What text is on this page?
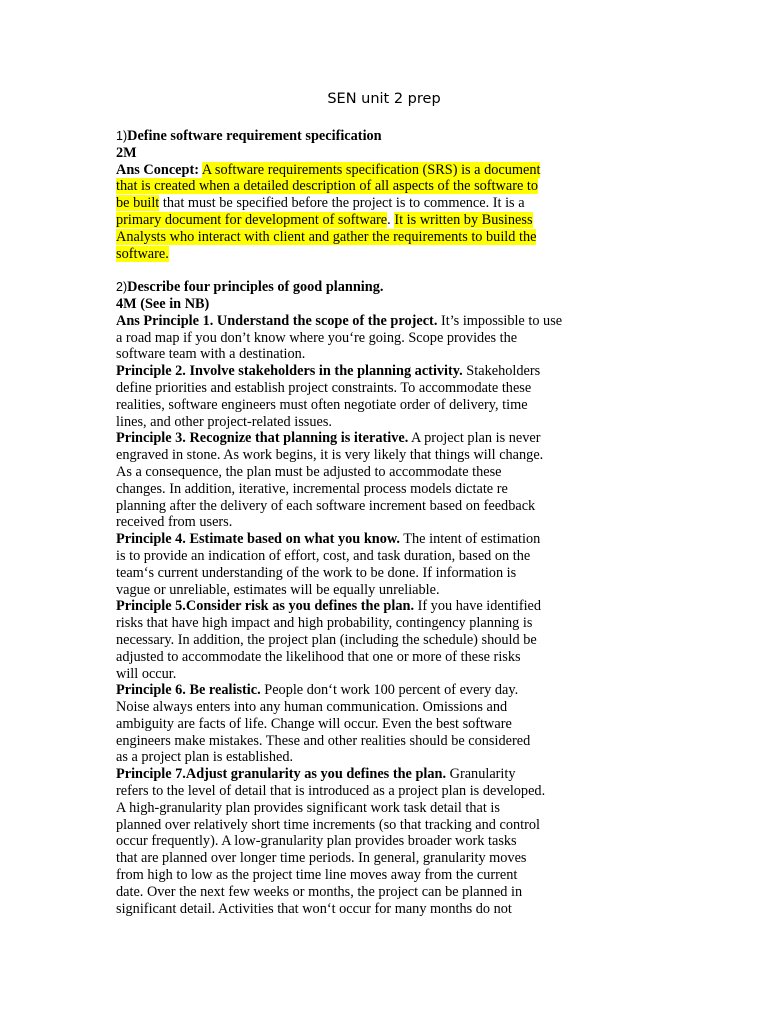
SEN unit 2 prep
1)Define software requirement specification
2M
Ans Concept: A software requirements specification (SRS) is a document
that is created when a detailed description of all aspects of the software to
be built that must be specified before the project is to commence. It is a
primary document for development of software. It is written by Business
Analysts who interact with client and gather the requirements to build the
software.
2)Describe four principles of good planning.
4M (See in NB)
Ans Principle 1. Understand the scope of the project. It’s impossible to use
a road map if you don’t know where you‘re going. Scope provides the
software team with a destination.
Principle 2. Involve stakeholders in the planning activity. Stakeholders
define priorities and establish project constraints. To accommodate these
realities, software engineers must often negotiate order of delivery, time
lines, and other project-related issues.
Principle 3. Recognize that planning is iterative. A project plan is never
engraved in stone. As work begins, it is very likely that things will change.
As a consequence, the plan must be adjusted to accommodate these
changes. In addition, iterative, incremental process models dictate re
planning after the delivery of each software increment based on feedback
received from users.
Principle 4. Estimate based on what you know. The intent of estimation
is to provide an indication of effort, cost, and task duration, based on the
team‘s current understanding of the work to be done. If information is
vague or unreliable, estimates will be equally unreliable.
Principle 5.Consider risk as you defines the plan. If you have identified
risks that have high impact and high probability, contingency planning is
necessary. In addition, the project plan (including the schedule) should be
adjusted to accommodate the likelihood that one or more of these risks
will occur.
Principle 6. Be realistic. People don‘t work 100 percent of every day.
Noise always enters into any human communication. Omissions and
ambiguity are facts of life. Change will occur. Even the best software
engineers make mistakes. These and other realities should be considered
as a project plan is established.
Principle 7.Adjust granularity as you defines the plan. Granularity
refers to the level of detail that is introduced as a project plan is developed.
A high-granularity plan provides significant work task detail that is
planned over relatively short time increments (so that tracking and control
occur frequently). A low-granularity plan provides broader work tasks
that are planned over longer time periods. In general, granularity moves
from high to low as the project time line moves away from the current
date. Over the next few weeks or months, the project can be planned in
significant detail. Activities that won‘t occur for many months do not
